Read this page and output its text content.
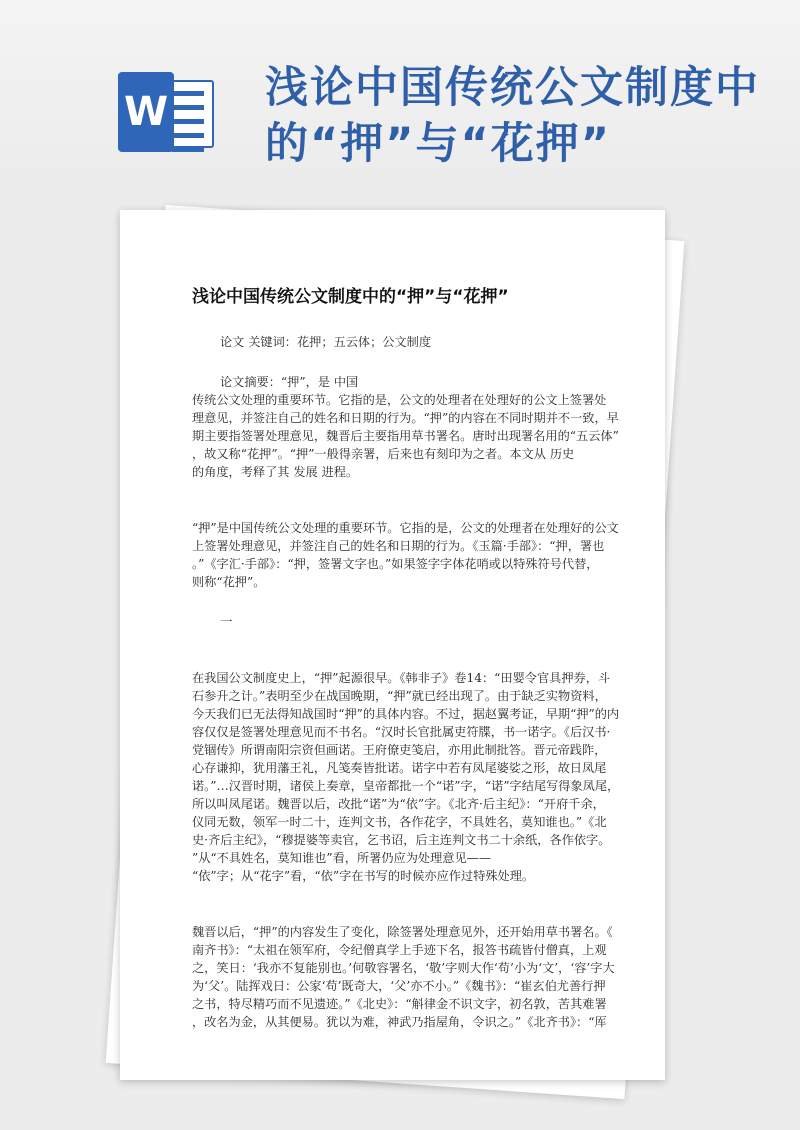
W 浅论中国传统公文制度中的“押”与“花押”
浅论中国传统公文制度中的“押”与“花押”
论文 关键词：花押；五云体；公文制度
论文摘要：“押”，是 中国
传统公文处理的重要环节。它指的是，公文的处理者在处理好的公文上签署处
理意见，并签注自己的姓名和日期的行为。“押”的内容在不同时期并不一致，早
期主要指签署处理意见，魏晋后主要指用草书署名。唐时出现署名用的“五云体”
，故又称“花押”。“押”一般得亲署，后来也有刻印为之者。本文从 历史
的角度，考释了其 发展 进程。
“押”是中国传统公文处理的重要环节。它指的是，公文的处理者在处理好的公文
上签署处理意见，并签注自己的姓名和日期的行为。《玉篇·手部》：“押，署也
。”《字汇·手部》：“押，签署文字也。”如果签字字体花哨或以特殊符号代替，
则称“花押”。
一
在我国公文制度史上，“押”起源很早。《韩非子》卷14：“田婴令官具押券，斗
石参升之计。”表明至少在战国晚期，“押”就已经出现了。由于缺乏实物资料，
今天我们已无法得知战国时“押”的具体内容。不过，据赵翼考证，早期“押”的内
容仅仅是签署处理意见而不书名。“汉时长官批属吏符牒，书一诺字。《后汉书·
党锢传》所谓南阳宗资但画诺。王府僚吏笺启，亦用此制批答。晋元帝践阼，
心存谦抑，犹用藩王礼，凡笺奏皆批诺。诺字中若有凤尾婆娑之形，故日凤尾
诺。”…汉晋时期，诸侯上奏章，皇帝都批一个“诺”字，“诺”字结尾写得象凤尾，
所以叫凤尾诺。魏晋以后，改批“诺”为“依”字。《北齐·后主纪》：“开府千余，
仪同无数，领军一时二十，连判文书，各作花字，不具姓名，莫知谁也。”《北
史·齐后主纪》，“穆提婆等卖官，乞书诏，后主连判文书二十余纸，各作依字。
”从“不具姓名，莫知谁也”看，所署仍应为处理意见——
“依”字；从“花字”看，“依”字在书写的时候亦应作过特殊处理。
魏晋以后，“押”的内容发生了变化，除签署处理意见外，还开始用草书署名。《
南齐书》：“太祖在领军府，令纪僧真学上手迹下名，报答书疏皆付僧真，上观
之，笑日：‘我亦不复能别也。’何敬容署名，‘敬’字则大作‘苟’小为‘文’，‘容’字大
为‘父’。陆挥戏日：公家‘苟’既奇大，‘父’亦不小。”《魏书》：“崔玄伯尤善行押
之书，特尽精巧而不见遗迹。”《北史》：“斛律金不识文字，初名敦，苦其难署
，改名为金，从其便易。犹以为难，神武乃指屋角，令识之。”《北齐书》：“厍
